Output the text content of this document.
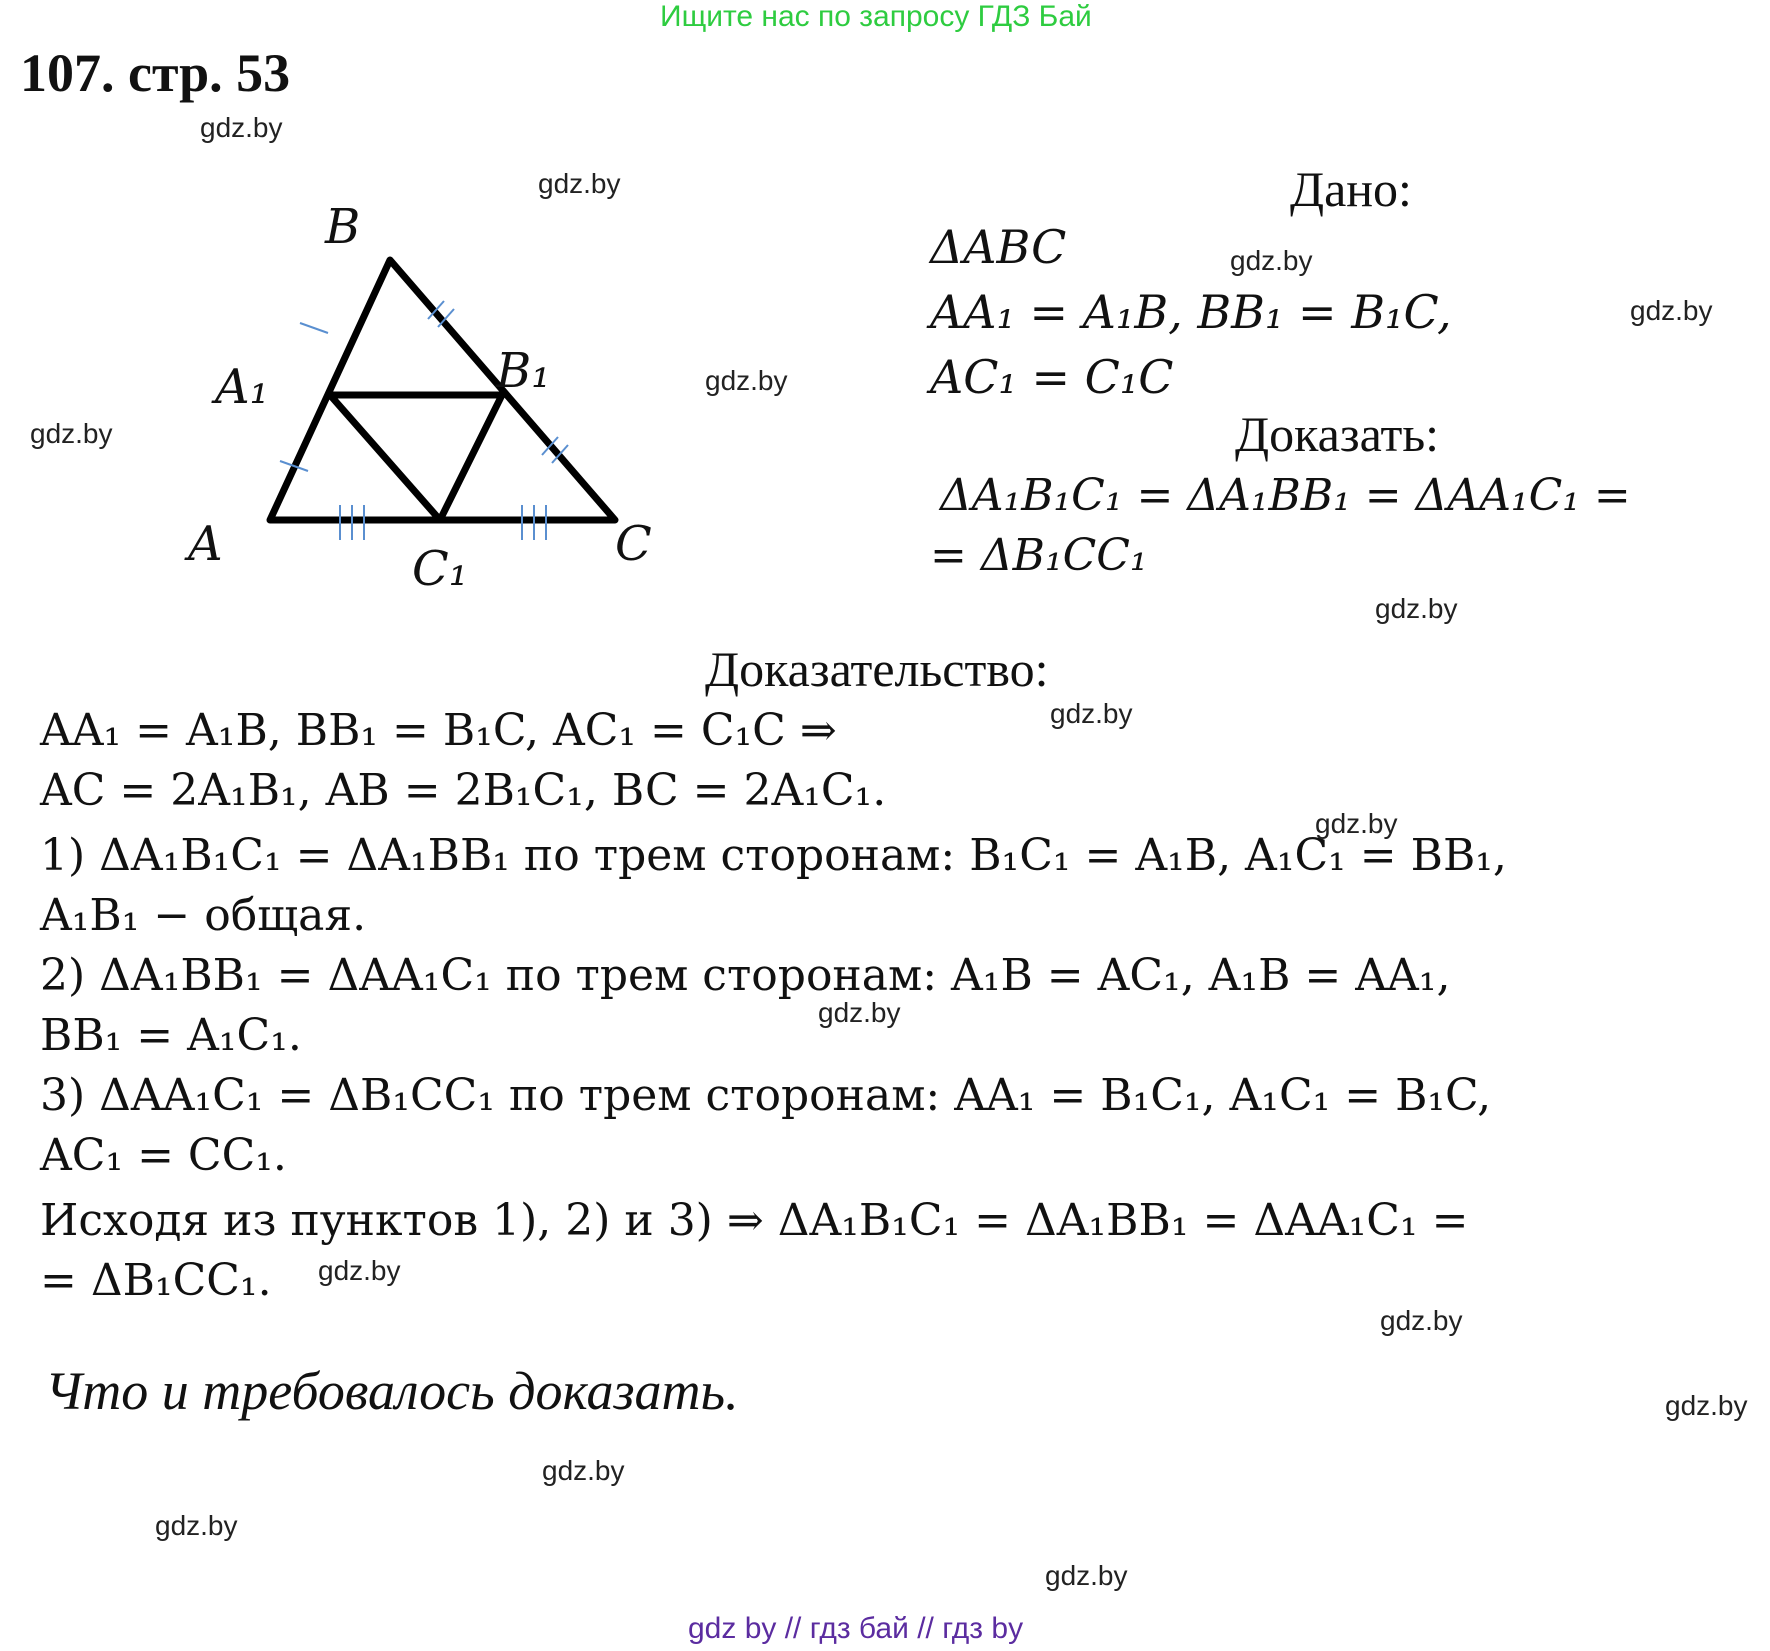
Ищите нас по запросу ГДЗ Бай
107. стр. 53
A
B
C
A₁	B₁
C₁
Дано:
ΔABC
AA₁ = A₁B, BB₁ = B₁C,
AC₁ = C₁C
Доказать:
ΔA₁B₁C₁ = ΔA₁BB₁ = ΔAA₁C₁ =
= ΔB₁CC₁
Доказательство:
AA₁ = A₁B, BB₁ = B₁C, AC₁ = C₁C ⇒
AC = 2A₁B₁, AB = 2B₁C₁, BC = 2A₁C₁.
1) ΔA₁B₁C₁ = ΔA₁BB₁ по трем сторонам: B₁C₁ = A₁B, A₁C₁ = BB₁,
A₁B₁ − общая.
2) ΔA₁BB₁ = ΔAA₁C₁ по трем сторонам: A₁B = AC₁, A₁B = AA₁,
BB₁ = A₁C₁.
3) ΔAA₁C₁ = ΔB₁CC₁ по трем сторонам: AA₁ = B₁C₁, A₁C₁ = B₁C,
AC₁ = CC₁.
Исходя из пунктов 1), 2) и 3) ⇒ ΔA₁B₁C₁ = ΔA₁BB₁ = ΔAA₁C₁ =
= ΔB₁CC₁.
Что и требовалось доказать.
gdz.by
gdz.by
gdz.by
gdz.by
gdz.by
gdz.by
gdz.by
gdz.by
gdz.by
gdz.by
gdz.by
gdz.by
gdz.by
gdz.by
gdz.by
gdz.by
gdz by // гдз бай // гдз by
